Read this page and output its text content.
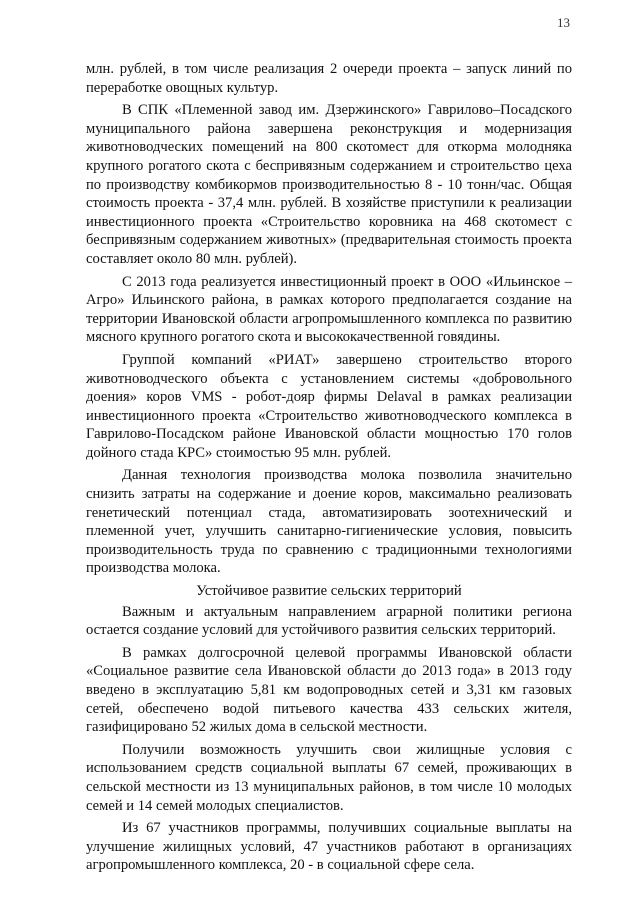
13

млн. рублей, в том числе реализация 2 очереди проекта – запуск линий по переработке овощных культур.

В СПК «Племенной завод им. Дзержинского» Гаврилово–Посадского муниципального района завершена реконструкция и модернизация животноводческих помещений на 800 скотомест для откорма молодняка крупного рогатого скота с беспривязным содержанием и строительство цеха по производству комбикормов производительностью 8 - 10 тонн/час. Общая стоимость проекта - 37,4 млн. рублей. В хозяйстве приступили к реализации инвестиционного проекта «Строительство коровника на 468 скотомест с беспривязным содержанием животных» (предварительная стоимость проекта составляет около 80 млн. рублей).

С 2013 года реализуется инвестиционный проект в ООО «Ильинское – Агро» Ильинского района, в рамках которого предполагается создание на территории Ивановской области агропромышленного комплекса по развитию мясного крупного рогатого скота и высококачественной говядины.

Группой компаний «РИАТ» завершено строительство второго животноводческого объекта с установлением системы «добровольного доения» коров VMS - робот-дояр фирмы Delaval в рамках реализации инвестиционного проекта «Строительство животноводческого комплекса в Гаврилово-Посадском районе Ивановской области мощностью 170 голов дойного стада КРС» стоимостью 95 млн. рублей.

Данная технология производства молока позволила значительно снизить затраты на содержание и доение коров, максимально реализовать генетический потенциал стада, автоматизировать зоотехнический и племенной учет, улучшить санитарно-гигиенические условия, повысить производительность труда по сравнению с традиционными технологиями производства молока.

Устойчивое развитие сельских территорий

Важным и актуальным направлением аграрной политики региона остается создание условий для устойчивого развития сельских территорий.

В рамках долгосрочной целевой программы Ивановской области «Социальное развитие села Ивановской области до 2013 года» в 2013 году введено в эксплуатацию 5,81 км водопроводных сетей и 3,31 км газовых сетей, обеспечено водой питьевого качества 433 сельских жителя, газифицировано 52 жилых дома в сельской местности.

Получили возможность улучшить свои жилищные условия с использованием средств социальной выплаты 67 семей, проживающих в сельской местности из 13 муниципальных районов, в том числе 10 молодых семей и 14 семей молодых специалистов.

Из 67 участников программы, получивших социальные выплаты на улучшение жилищных условий, 47 участников работают в организациях агропромышленного комплекса, 20 - в социальной сфере села.
